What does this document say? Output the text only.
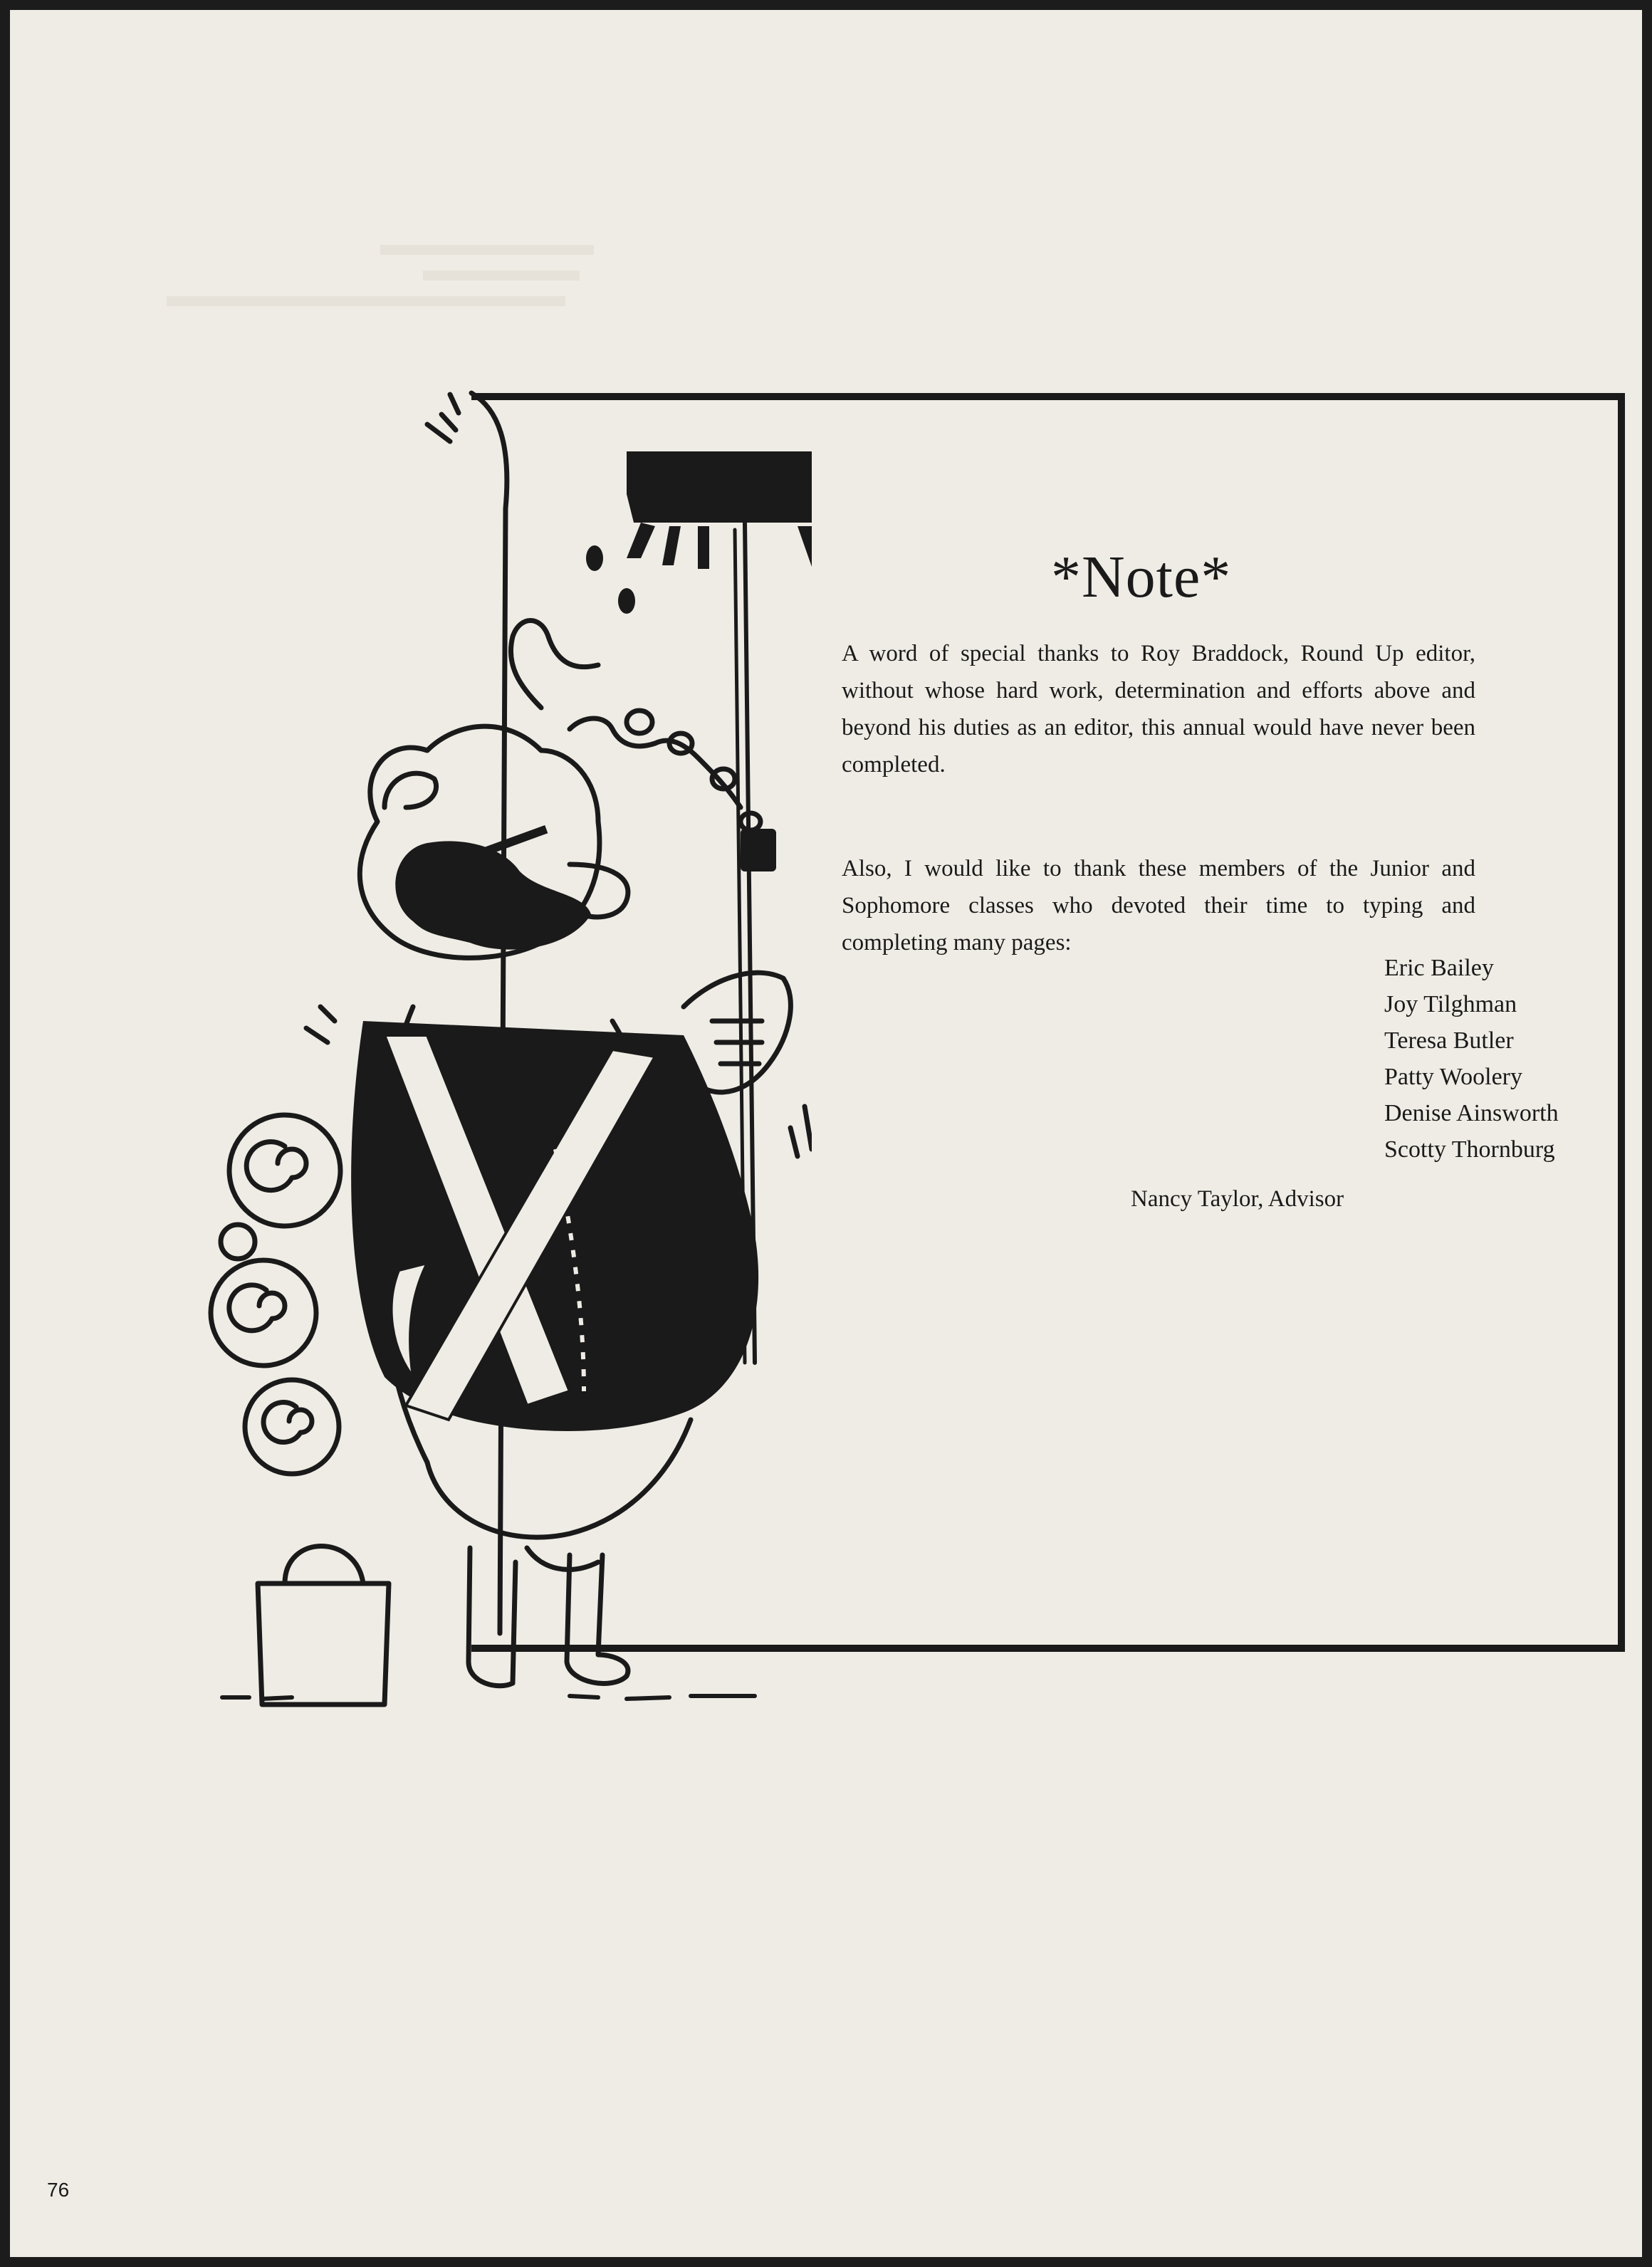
*Note*
A word of special thanks to Roy Braddock, Round Up editor, without whose hard work, determination and efforts above and beyond his duties as an editor, this annual would have never been completed.
Also, I would like to thank these members of the Junior and Sophomore classes who devoted their time to typing and completing many pages:
Eric Bailey
Joy Tilghman
Teresa Butler
Patty Woolery
Denise Ainsworth
Scotty Thornburg
Nancy Taylor, Advisor
76
